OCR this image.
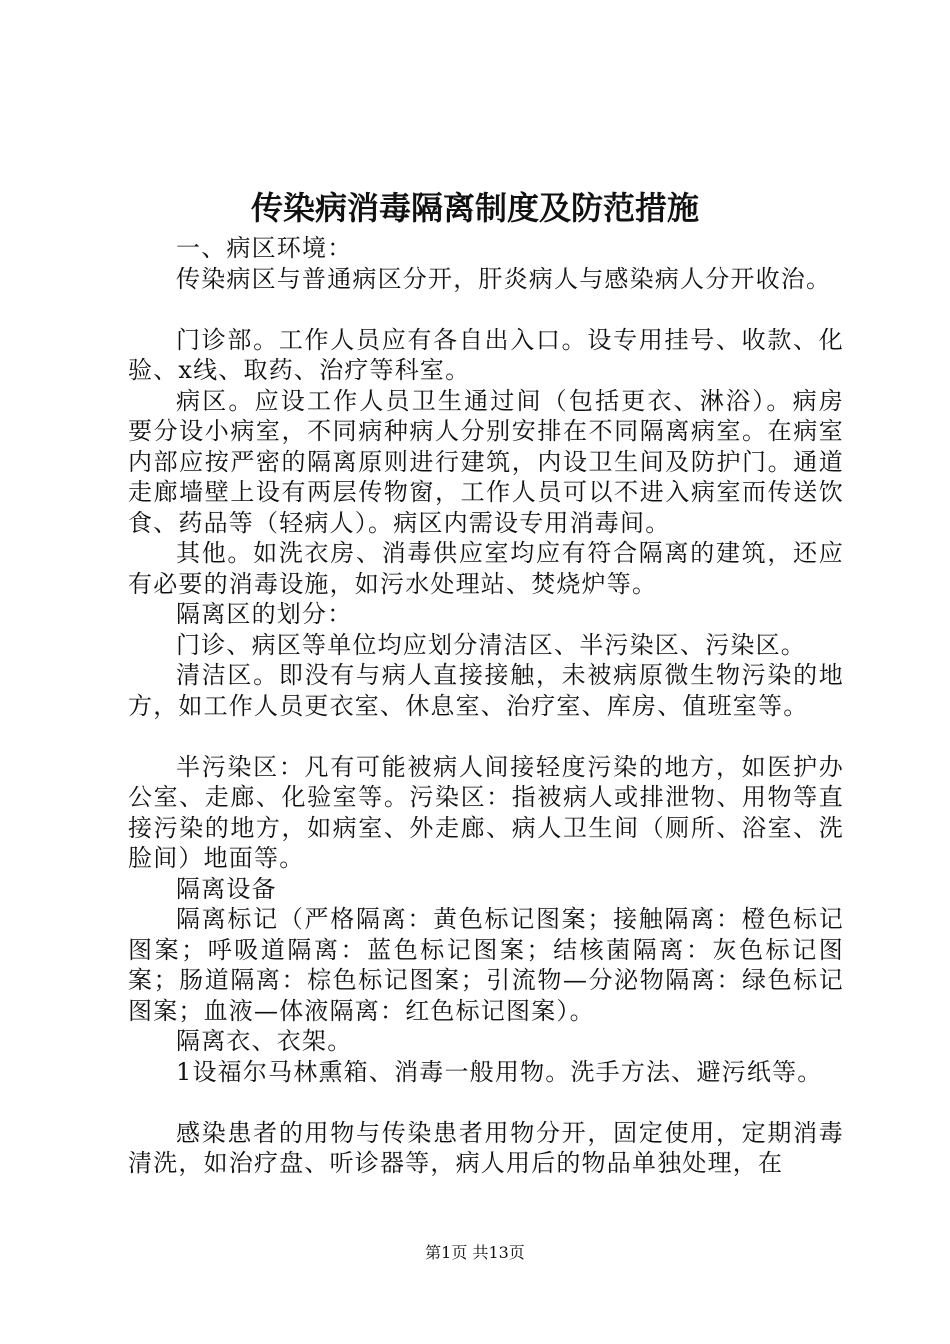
传染病消毒隔离制度及防范措施

一、病区环境：

传染病区与普通病区分开，肝炎病人与感染病人分开收治。

门诊部。工作人员应有各自出入口。设专用挂号、收款、化验、x线、取药、治疗等科室。

病区。应设工作人员卫生通过间（包括更衣、淋浴）。病房要分设小病室，不同病种病人分别安排在不同隔离病室。在病室内部应按严密的隔离原则进行建筑，内设卫生间及防护门。通道走廊墙壁上设有两层传物窗，工作人员可以不进入病室而传送饮食、药品等（轻病人）。病区内需设专用消毒间。

其他。如洗衣房、消毒供应室均应有符合隔离的建筑，还应有必要的消毒设施，如污水处理站、焚烧炉等。

隔离区的划分：

门诊、病区等单位均应划分清洁区、半污染区、污染区。

清洁区。即没有与病人直接接触，未被病原微生物污染的地方，如工作人员更衣室、休息室、治疗室、库房、值班室等。

半污染区：凡有可能被病人间接轻度污染的地方，如医护办公室、走廊、化验室等。污染区：指被病人或排泄物、用物等直接污染的地方，如病室、外走廊、病人卫生间（厕所、浴室、洗脸间）地面等。

隔离设备

隔离标记（严格隔离：黄色标记图案；接触隔离：橙色标记图案；呼吸道隔离：蓝色标记图案；结核菌隔离：灰色标记图案；肠道隔离：棕色标记图案；引流物—分泌物隔离：绿色标记图案；血液—体液隔离：红色标记图案）。

隔离衣、衣架。

1设福尔马林熏箱、消毒一般用物。洗手方法、避污纸等。

感染患者的用物与传染患者用物分开，固定使用，定期消毒清洗，如治疗盘、听诊器等，病人用后的物品单独处理，在

第1页 共13页
